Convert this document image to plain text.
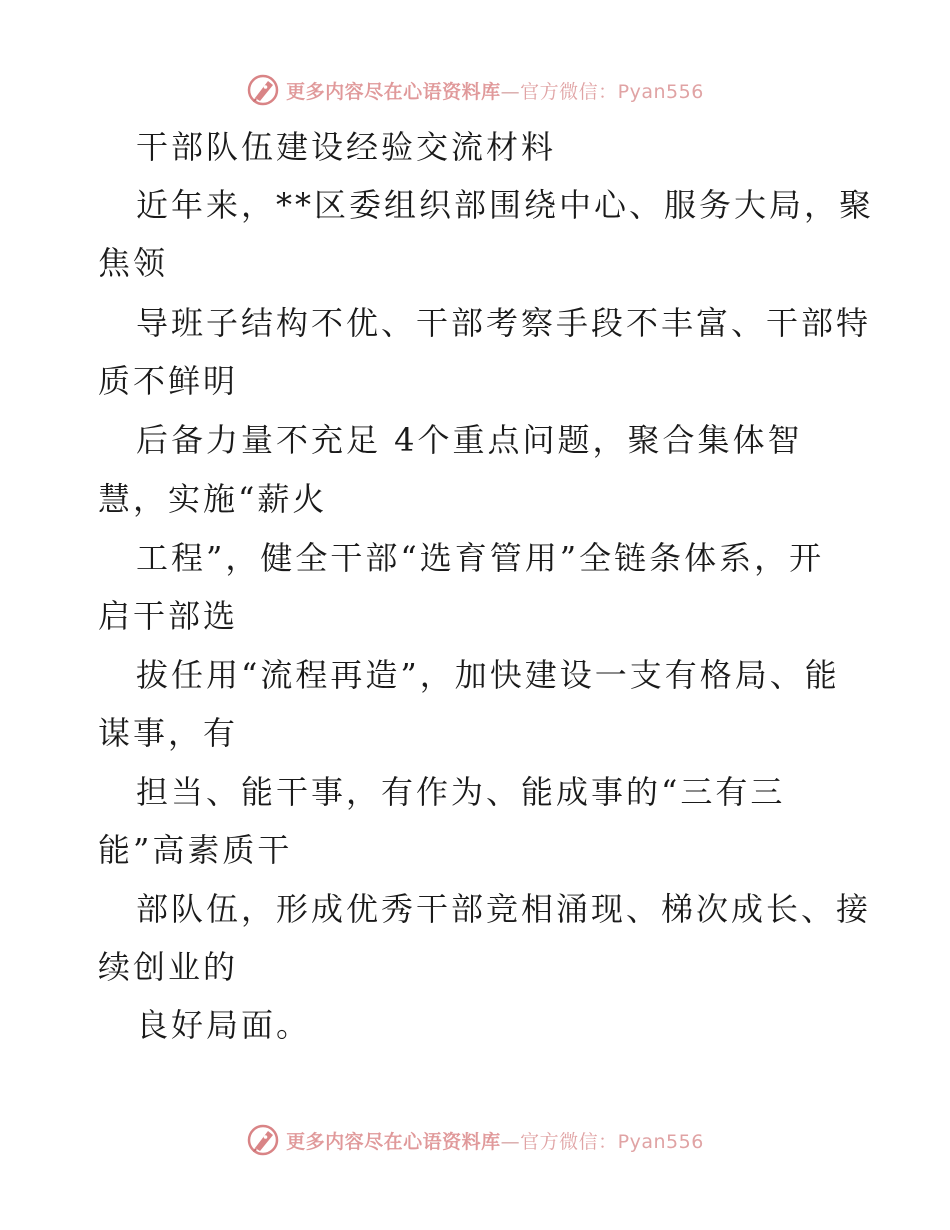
更多内容尽在心语资料库—官方微信：Pyan556
干部队伍建设经验交流材料
近年来，**区委组织部围绕中心、服务大局，聚
焦领
导班子结构不优、干部考察手段不丰富、干部特
质不鲜明
后备力量不充足 4个重点问题，聚合集体智
慧，实施“薪火
工程”，健全干部“选育管用”全链条体系，开
启干部选
拔任用“流程再造”，加快建设一支有格局、能
谋事，有
担当、能干事，有作为、能成事的“三有三
能”高素质干
部队伍，形成优秀干部竞相涌现、梯次成长、接
续创业的
良好局面。
更多内容尽在心语资料库—官方微信：Pyan556
